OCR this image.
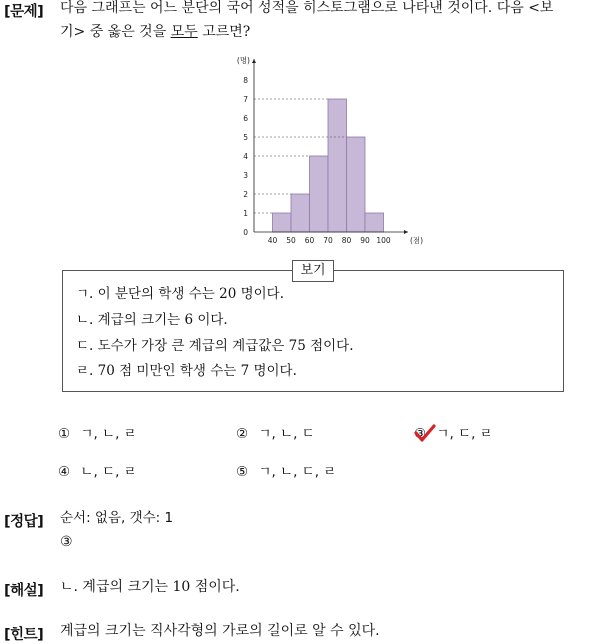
[문제] 다음 그래프는 어느 분단의 국어 성적을 히스토그램으로 나타낸 것이다. 다음 <보
기> 중 옳은 것을 모두 고르면?
40 50 60 70 80 90 100
0
1
2
3
4
5
6
7
8
(점)
(명)
보기
ㄱ. 이 분단의 학생 수는 20 명이다.
ㄴ. 계급의 크기는 6 이다.
ㄷ. 도수가 가장 큰 계급의 계급값은 75 점이다.
ㄹ. 70 점 미만인 학생 수는 7 명이다.
① ㄱ, ㄴ, ㄹ	② ㄱ, ㄴ, ㄷ	③ ㄱ, ㄷ, ㄹ
④ ㄴ, ㄷ, ㄹ	⑤ ㄱ, ㄴ, ㄷ, ㄹ
[정답] 순서: 없음, 갯수: 1
③
[해설] ㄴ. 계급의 크기는 10 점이다.
[힌트] 계급의 크기는 직사각형의 가로의 길이로 알 수 있다.
